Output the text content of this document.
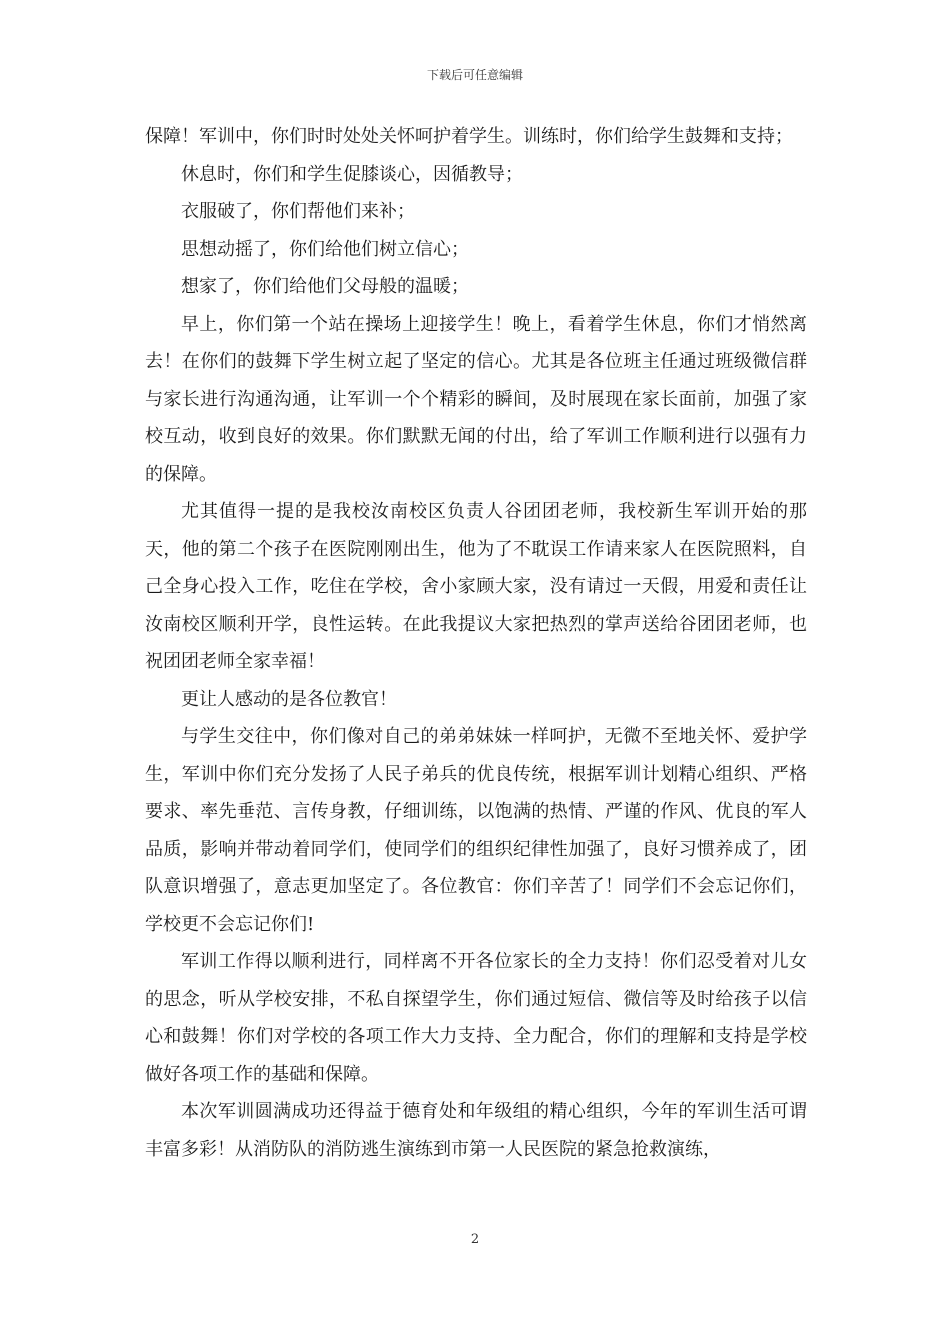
下载后可任意编辑

保障！军训中，你们时时处处关怀呵护着学生。训练时，你们给学生鼓舞和支持；

休息时，你们和学生促膝谈心，因循教导；

衣服破了，你们帮他们来补；

思想动摇了，你们给他们树立信心；

想家了，你们给他们父母般的温暖；

早上，你们第一个站在操场上迎接学生！晚上，看着学生休息，你们才悄然离去！在你们的鼓舞下学生树立起了坚定的信心。尤其是各位班主任通过班级微信群与家长进行沟通沟通，让军训一个个精彩的瞬间，及时展现在家长面前，加强了家校互动，收到良好的效果。你们默默无闻的付出，给了军训工作顺利进行以强有力的保障。

尤其值得一提的是我校汝南校区负责人谷团团老师，我校新生军训开始的那天，他的第二个孩子在医院刚刚出生，他为了不耽误工作请来家人在医院照料，自己全身心投入工作，吃住在学校，舍小家顾大家，没有请过一天假，用爱和责任让汝南校区顺利开学，良性运转。在此我提议大家把热烈的掌声送给谷团团老师，也祝团团老师全家幸福！

更让人感动的是各位教官！

与学生交往中，你们像对自己的弟弟妹妹一样呵护，无微不至地关怀、爱护学生，军训中你们充分发扬了人民子弟兵的优良传统，根据军训计划精心组织、严格要求、率先垂范、言传身教，仔细训练，以饱满的热情、严谨的作风、优良的军人品质，影响并带动着同学们，使同学们的组织纪律性加强了，良好习惯养成了，团队意识增强了，意志更加坚定了。各位教官：你们辛苦了！同学们不会忘记你们，学校更不会忘记你们!

军训工作得以顺利进行，同样离不开各位家长的全力支持！你们忍受着对儿女的思念，听从学校安排，不私自探望学生，你们通过短信、微信等及时给孩子以信心和鼓舞！你们对学校的各项工作大力支持、全力配合，你们的理解和支持是学校做好各项工作的基础和保障。

本次军训圆满成功还得益于德育处和年级组的精心组织，今年的军训生活可谓丰富多彩！从消防队的消防逃生演练到市第一人民医院的紧急抢救演练，

2
